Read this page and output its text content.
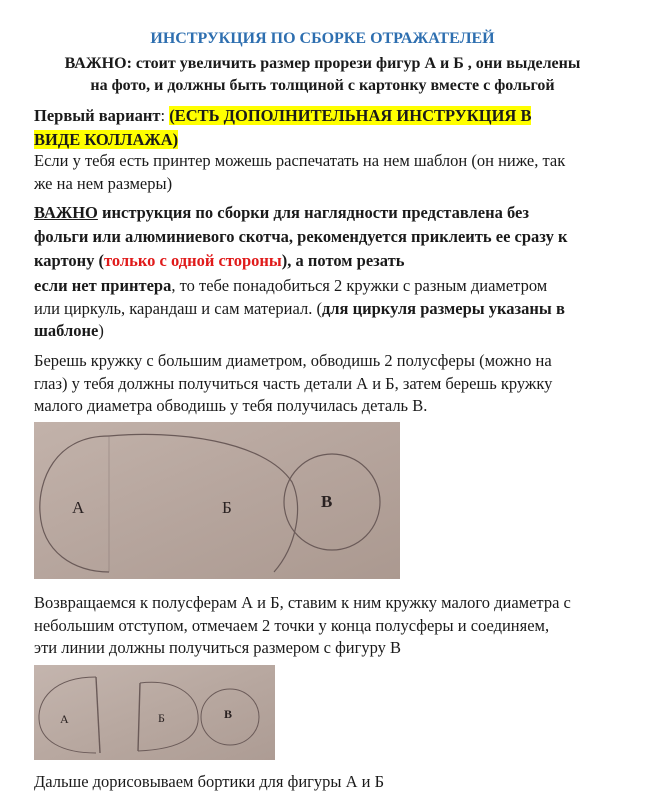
ИНСТРУКЦИЯ ПО СБОРКЕ ОТРАЖАТЕЛЕЙ
ВАЖНО: стоит увеличить размер прорези фигур А и Б , они выделены
на фото, и должны быть толщиной с картонку вместе с фольгой
Первый вариант: (ЕСТЬ ДОПОЛНИТЕЛЬНАЯ ИНСТРУКЦИЯ В
ВИДЕ КОЛЛАЖА)
Если у тебя есть принтер можешь распечатать на нем шаблон (он ниже, так
же на нем размеры)
ВАЖНО инструкция по сборки для наглядности представлена без
фольги или алюминиевого скотча, рекомендуется приклеить ее сразу к
картону (только с одной стороны), а потом резать
если нет принтера, то тебе понадобиться 2 кружки с разным диаметром
или циркуль, карандаш и сам материал. (для циркуля размеры указаны в
шаблоне)
Берешь кружку с большим диаметром, обводишь 2 полусферы (можно на
глаз) у тебя должны получиться часть детали А и Б, затем берешь кружку
малого диаметра обводишь у тебя получилась деталь В.
А	Б	В
Возвращаемся к полусферам А и Б, ставим к ним кружку малого диаметра с
небольшим отступом, отмечаем 2 точки у конца полусферы и соединяем,
эти линии должны получиться размером с фигуру В
А	Б	В
Дальше дорисовываем бортики для фигуры А и Б
